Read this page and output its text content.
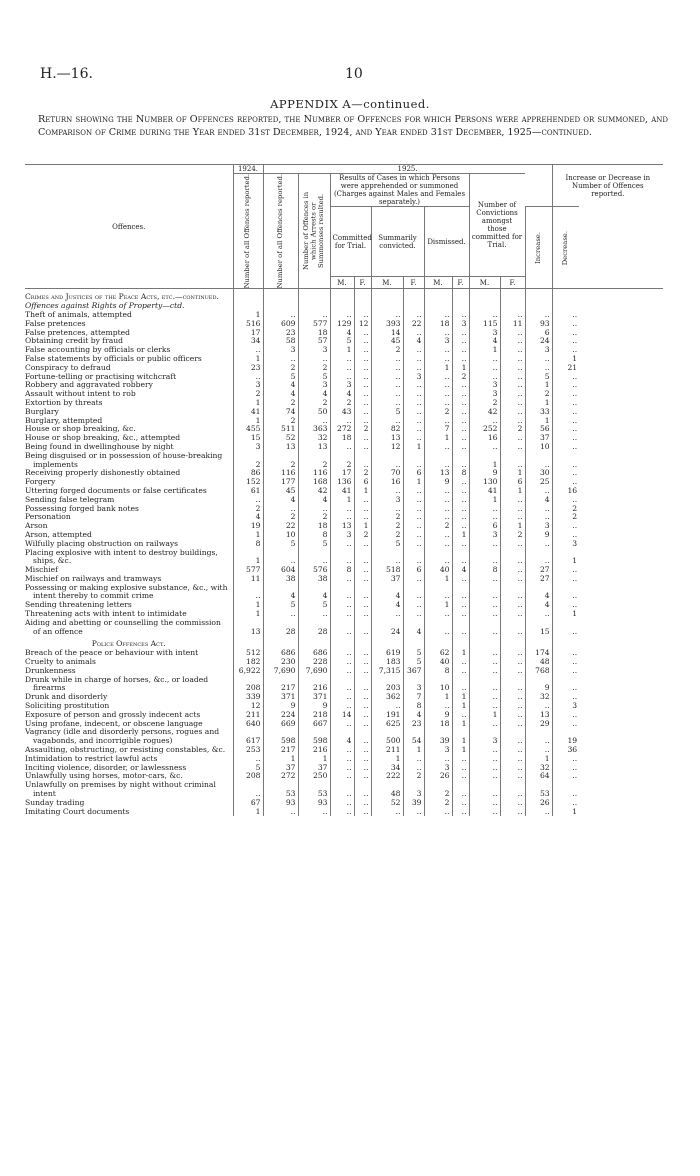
H.—16.	10
APPENDIX A—continued.
Return showing the Number of Offences reported, the Number of Offences for which Persons were apprehended or summoned, and Comparison of Crime during the Year ended 31st December, 1924, and Year ended 31st December, 1925—continued.
Offences.	1924.	1925.											Increase or Decrease in Number of Offences reported.

	Number of all Offences reported.	Number of all Offences reported.	Number of Offences in which Arrests or Summonses resulted.	Results of Cases in which Persons were apprehended or summoned (Charges against Males and Females separately.)						Number of Convictions amongst those committed for Trial.			
				Committed for Trial.		Summarily convicted.		Dismissed.				Increase.	Decrease.

				M.	F.	M.	F.	M.	F.	M.	F.		
Crimes and Justices of the Peace Acts, etc.—continued.													
Offences against Rights of Property—ctd.													
Theft of animals, attempted	1	..	..	..	..	..	..	..	..	..	..	..	..
False pretences	516	609	577	129	12	393	22	18	3	115	11	93	..
False pretences, attempted	17	23	18	4	..	14	..	..	..	3	..	6	..
Obtaining credit by fraud	34	58	57	5	..	45	4	3	..	4	..	24	..
False accounting by officials or clerks	..	3	3	1	..	2	..	..	..	1	..	3	..
False statements by officials or public officers	1	..	..	..	..	..	..	..	..	..	..	..	1
Conspiracy to defraud	23	2	2	..	..	..	..	1	1	..	..	..	21
Fortune-telling or practising witchcraft	..	5	5	..	..	..	3	..	2	..	..	5	..
Robbery and aggravated robbery	3	4	3	3	..	..	..	..	..	3	..	1	..
Assault without intent to rob	2	4	4	4	..	..	..	..	..	3	..	2	..
Extortion by threats	1	2	2	2	..	..	..	..	..	2	..	1	..
Burglary	41	74	50	43	..	5	..	2	..	42	..	33	..
Burglary, attempted	1	2	..	..	..	..	..	..	..	..	..	1	..
House or shop breaking, &c.	455	511	363	272	2	82	..	7	..	252	2	56	..
House or shop breaking, &c., attempted	15	52	32	18	..	13	..	1	..	16	..	37	..
Being found in dwellinghouse by night	3	13	13	..	..	12	1	..	..	..	..	10	..
Being disguised or in possession of house-breaking implements	2	2	2	2	..	..	..	..	..	1	..	..	..
Receiving properly dishonestly obtained	86	116	116	17	2	70	6	13	8	9	1	30	..
Forgery	152	177	168	136	6	16	1	9	..	130	6	25	..
Uttering forged documents or false certificates	61	45	42	41	1	..	..	..	..	41	1	..	16
Sending false telegram	..	4	4	1	..	3	..	..	..	1	..	4	..
Possessing forged bank notes	2	..	..	..	..	..	..	..	..	..	..	..	2
Personation	4	2	2	..	..	2	..	..	..	..	..	..	2
Arson	19	22	18	13	1	2	..	2	..	6	1	3	..
Arson, attempted	1	10	8	3	2	2	..	..	1	3	2	9	..
Wilfully placing obstruction on railways	8	5	5	..	..	5	..	..	..	..	..	..	3
Placing explosive with intent to destroy buildings, ships, &c.	1	..	..	..	..	..	..	..	..	..	..	..	1
Mischief	577	604	576	8	..	518	6	40	4	8	..	27	..
Mischief on railways and tramways	11	38	38	..	..	37	..	1	..	..	..	27	..
Possessing or making explosive substance, &c., with intent thereby to commit crime	..	4	4	..	..	4	..	..	..	..	..	4	..
Sending threatening letters	1	5	5	..	..	4	..	1	..	..	..	4	..
Threatening acts with intent to intimidate	1	..	..	..	..	..	..	..	..	..	..	..	1
Aiding and abetting or counselling the commission of an offence	13	28	28	..	..	24	4	..	..	..	..	15	..
Police Offences Act.													
Breach of the peace or behaviour with intent	512	686	686	..	..	619	5	62	1	..	..	174	..
Cruelty to animals	182	230	228	..	..	183	5	40	..	..	..	48	..
Drunkenness	6,922	7,690	7,690	..	..	7,315	367	8	..	..	..	768	..
Drunk while in charge of horses, &c., or loaded firearms	208	217	216	..	..	203	3	10	..	..	..	9	..
Drunk and disorderly	339	371	371	..	..	362	7	1	1	..	..	32	..
Soliciting prostitution	12	9	9	..	..	..	8	..	1	..	..	..	3
Exposure of person and grossly indecent acts	211	224	218	14	..	191	4	9	..	1	..	13	..
Using profane, indecent, or obscene language	640	669	667	..	..	625	23	18	1	..	..	29	..
Vagrancy (idle and disorderly persons, rogues and vagabonds, and incorrigible rogues)	617	598	598	4	..	500	54	39	1	3	..	..	19
Assaulting, obstructing, or resisting constables, &c.	253	217	216	..	..	211	1	3	1	..	..	..	36
Intimidation to restrict lawful acts	..	1	1	..	..	1	..	..	..	..	..	1	..
Inciting violence, disorder, or lawlessness	5	37	37	..	..	34	..	3	..	..	..	32	..
Unlawfully using horses, motor-cars, &c.	208	272	250	..	..	222	2	26	..	..	..	64	..
Unlawfully on premises by night without criminal intent	..	53	53	..	..	48	3	2	..	..	..	53	..
Sunday trading	67	93	93	..	..	52	39	2	..	..	..	26	..
Imitating Court documents	1	..	..	..	..	..	..	..	..	..	..	..	1
